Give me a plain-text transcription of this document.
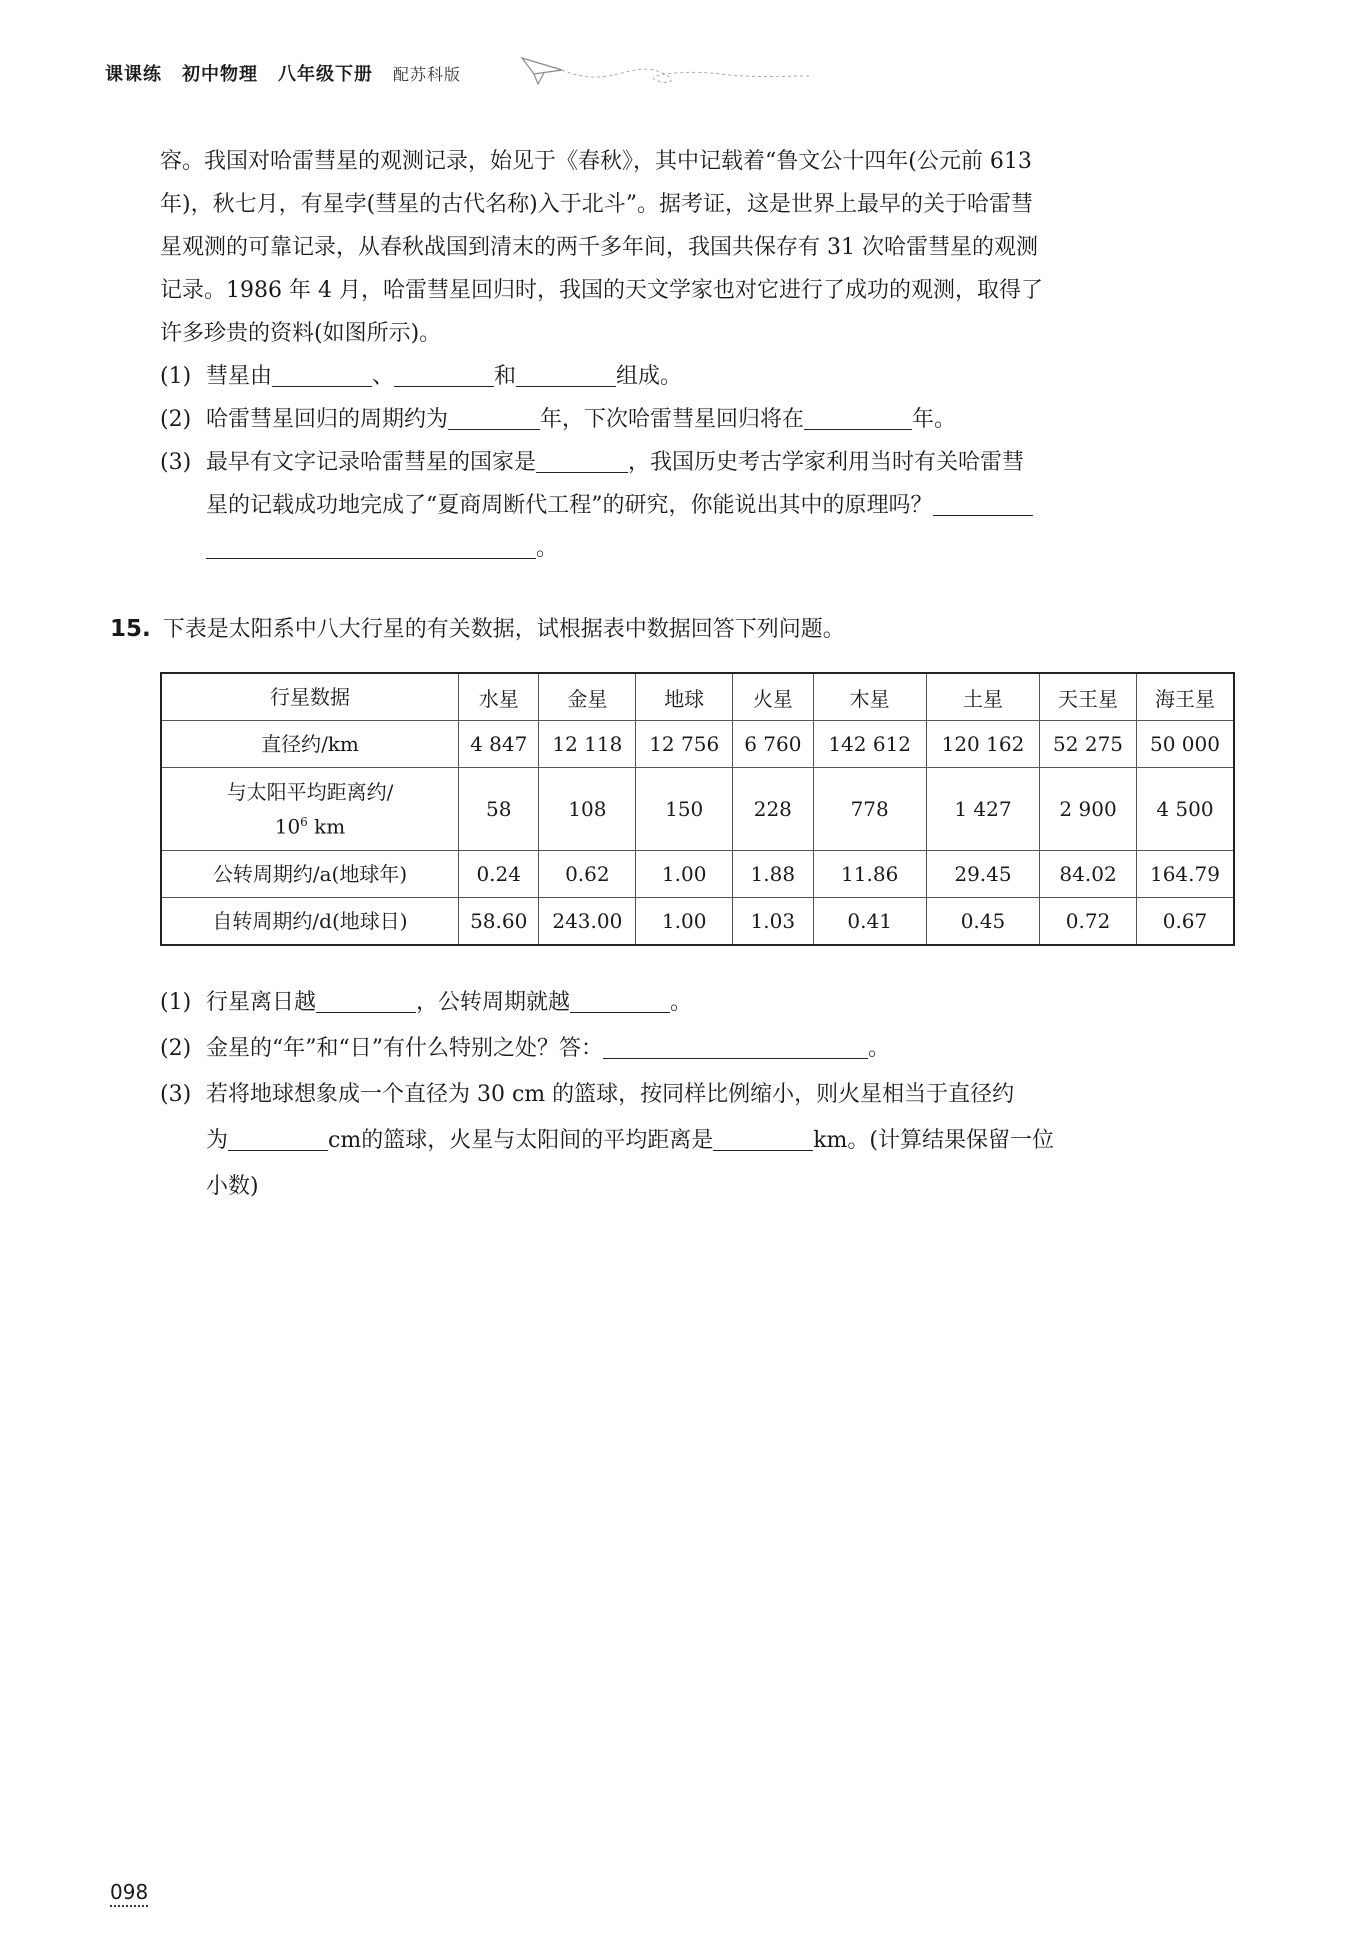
课课练 初中物理 八年级下册 配苏科版

容。我国对哈雷彗星的观测记录，始见于《春秋》，其中记载着“鲁文公十四年(公元前 613

年)，秋七月，有星孛(彗星的古代名称)入于北斗”。据考证，这是世界上最早的关于哈雷彗

星观测的可靠记录，从春秋战国到清末的两千多年间，我国共保存有 31 次哈雷彗星的观测

记录。1986 年 4 月，哈雷彗星回归时，我国的天文学家也对它进行了成功的观测，取得了

许多珍贵的资料(如图所示)。

(1) 彗星由	、	和	组成。

(2) 哈雷彗星回归的周期约为	年，下次哈雷彗星回归将在	年。

(3) 最早有文字记录哈雷彗星的国家是	，我国历史考古学家利用当时有关哈雷彗

星的记载成功地完成了“夏商周断代工程”的研究，你能说出其中的原理吗？

。

15. 下表是太阳系中八大行星的有关数据，试根据表中数据回答下列问题。
行星数据	水星	金星	地球	火星	木星	土星	天王星	海王星
直径约/km	4 847	12 118	12 756	6 760	142 612	120 162	52 275	50 000
与太阳平均距离约/
$10^6$ km	58	108	150	228	778	1 427	2 900	4 500
公转周期约/a(地球年)	0.24	0.62	1.00	1.88	11.86	29.45	84.02	164.79
自转周期约/d(地球日)	58.60	243.00	1.00	1.03	0.41	0.45	0.72	0.67

(1) 行星离日越	，公转周期就越	。

(2) 金星的“年”和“日”有什么特别之处？答：	。

(3) 若将地球想象成一个直径为 30 cm 的篮球，按同样比例缩小，则火星相当于直径约

为	cm的篮球，火星与太阳间的平均距离是	km。(计算结果保留一位

小数)

098
